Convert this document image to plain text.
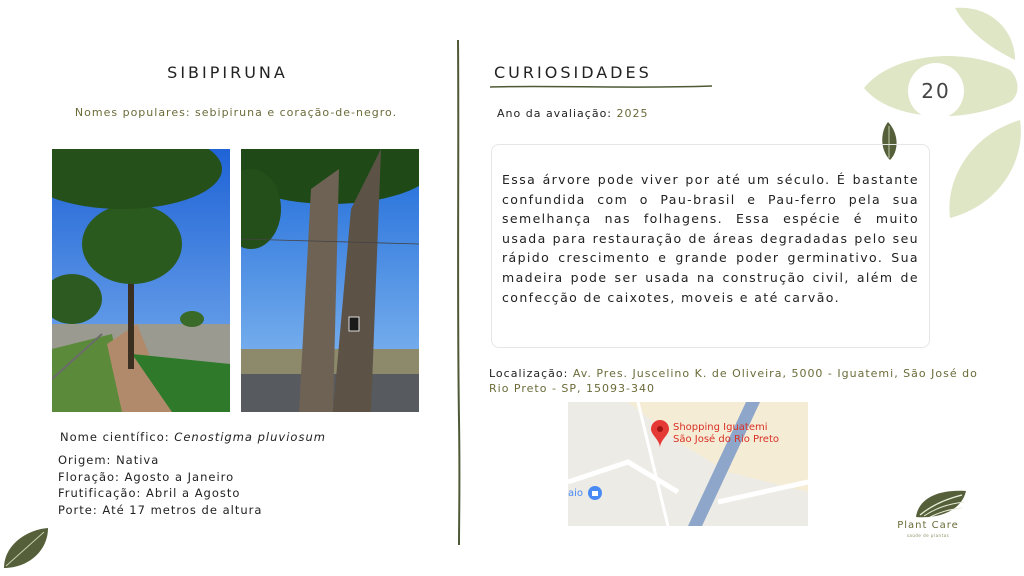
SIBIPIRUNA
Nomes populares: sebipiruna e coração-de-negro.
Nome científico: Cenostigma pluviosum
Origem: Nativa
Floração: Agosto a Janeiro
Frutificação: Abril a Agosto
Porte: Até 17 metros de altura
CURIOSIDADES
Ano da avaliação: 2025
Essa árvore pode viver por até um século. É bastante confundida com o Pau-brasil e Pau-ferro pela sua semelhança nas folhagens. Essa espécie é muito usada para restauração de áreas degradadas pelo seu rápido crescimento e grande poder germinativo. Sua madeira pode ser usada na construção civil, além de confecção de caixotes, moveis e até carvão.
Localização: Av. Pres. Juscelino K. de Oliveira, 5000 - Iguatemi, São José do Rio Preto - SP, 15093-340
Shopping Iguatemi
São José do Rio Preto
aio
20
Plant Care
saúde de plantas
